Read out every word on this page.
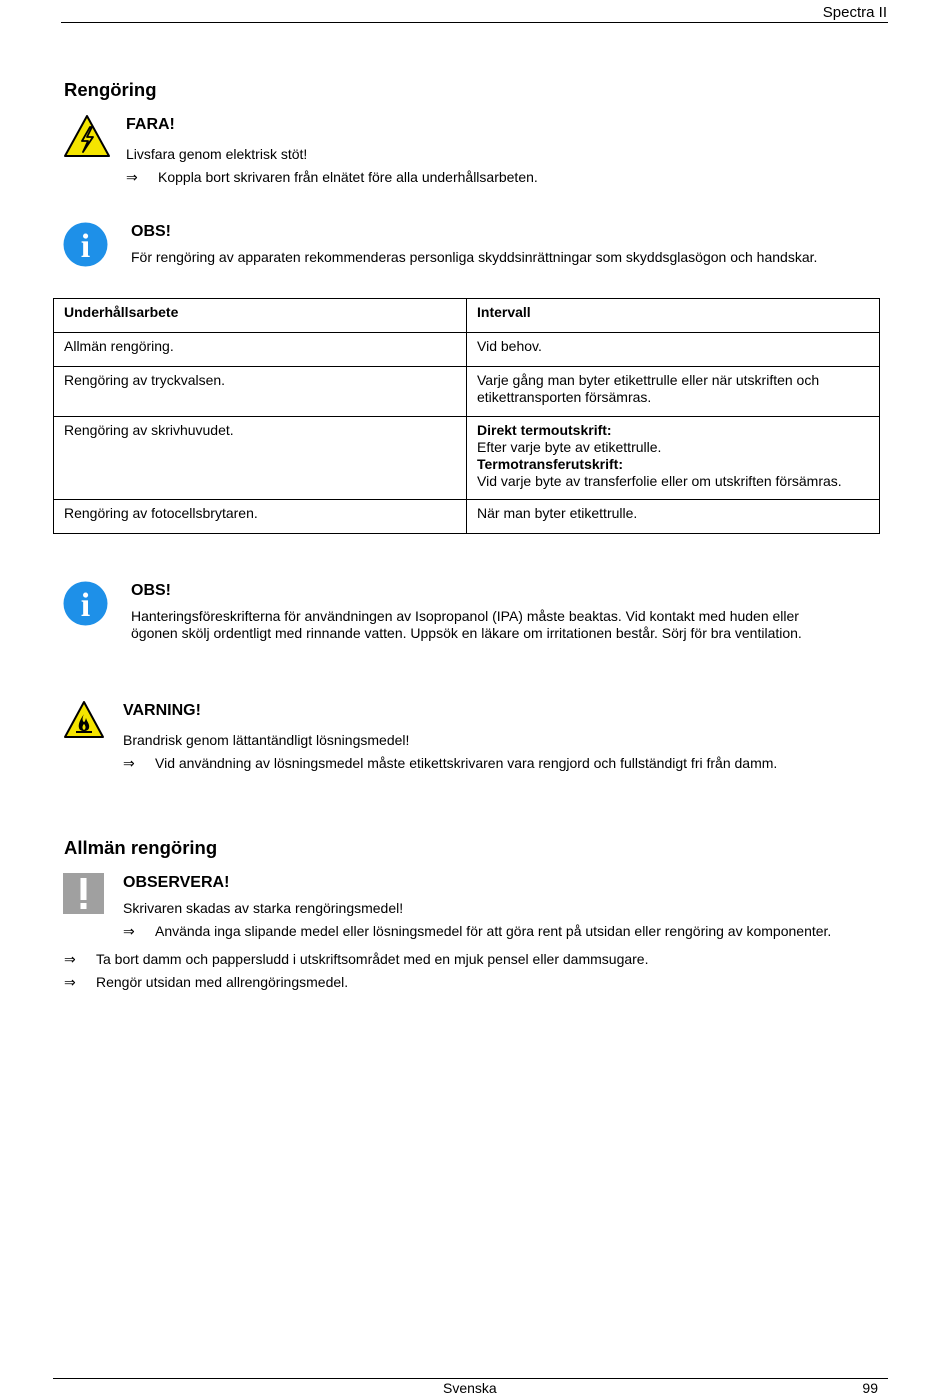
Spectra II
Rengöring
FARA!
Livsfara genom elektrisk stöt!
⇒ Koppla bort skrivaren från elnätet före alla underhållsarbeten.
i	OBS!
För rengöring av apparaten rekommenderas personliga skyddsinrättningar som skyddsglasögon och handskar.
Underhållsarbete	Intervall
Allmän rengöring.	Vid behov.
Rengöring av tryckvalsen.	Varje gång man byter etikettrulle eller när utskriften och
etikettransporten försämras.

Rengöring av skrivhuvudet.	Direkt termoutskrift:
Efter varje byte av etikettrulle.
Termotransferutskrift:
Vid varje byte av transferfolie eller om utskriften försämras.

Rengöring av fotocellsbrytaren.	När man byter etikettrulle.
i	OBS!
Hanteringsföreskrifterna för användningen av Isopropanol (IPA) måste beaktas. Vid kontakt med huden eller
ögonen skölj ordentligt med rinnande vatten. Uppsök en läkare om irritationen består. Sörj för bra ventilation.
VARNING!
Brandrisk genom lättantändligt lösningsmedel!
⇒ Vid användning av lösningsmedel måste etikettskrivaren vara rengjord och fullständigt fri från damm.
Allmän rengöring
OBSERVERA!
Skrivaren skadas av starka rengöringsmedel!
⇒ Använda inga slipande medel eller lösningsmedel för att göra rent på utsidan eller rengöring av komponenter.
⇒ Ta bort damm och pappersludd i utskriftsområdet med en mjuk pensel eller dammsugare.
⇒ Rengör utsidan med allrengöringsmedel.
Svenska	99
